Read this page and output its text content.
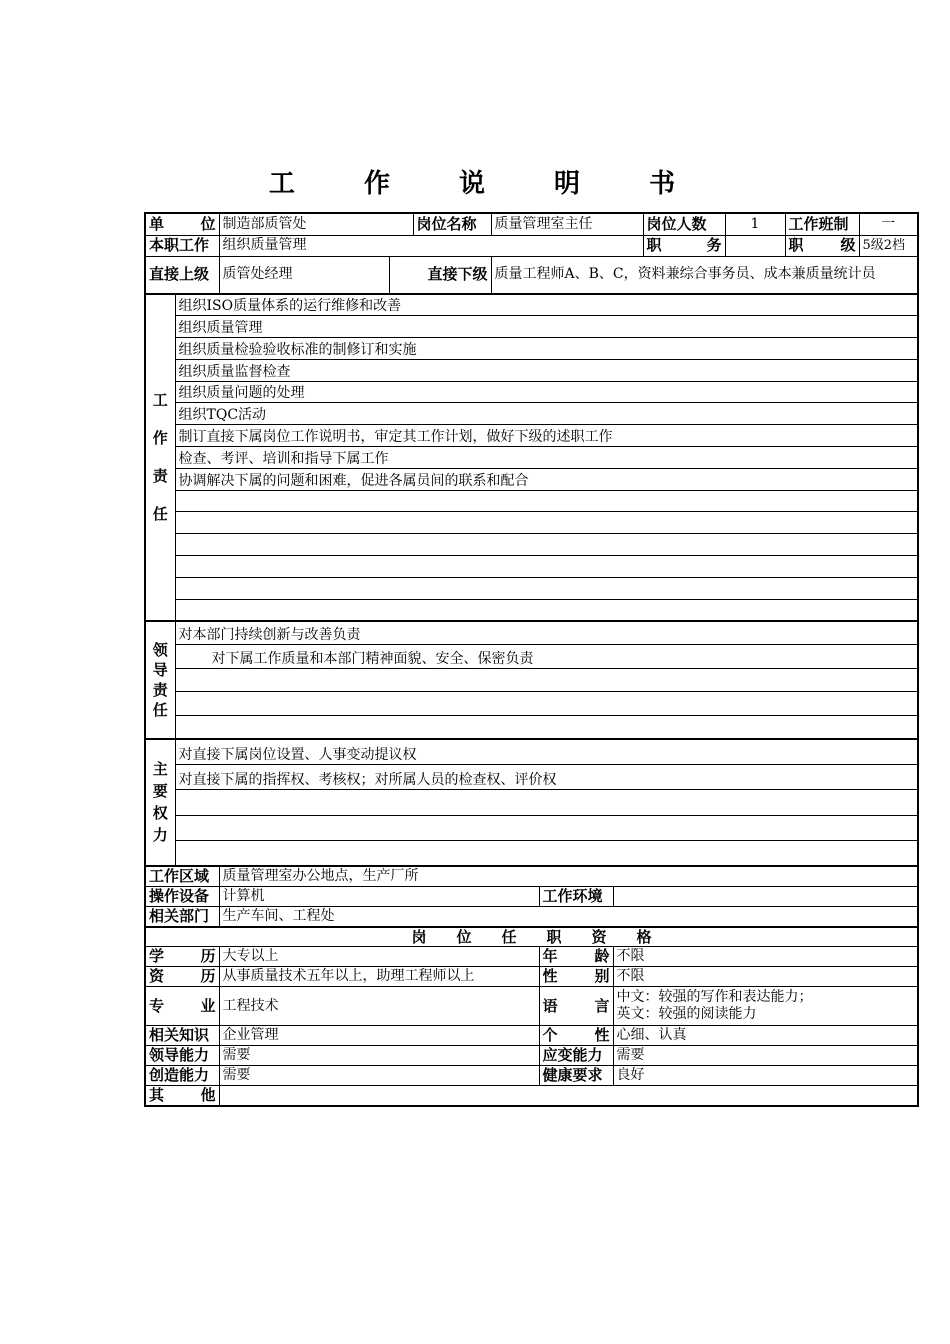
工 作 说 明 书
单　　位	制造部质管处		岗位名称	质量管理室主任	岗位人数	1	工作班制	一
本职工作	组织质量管理				职　　务		职　　级	5级2档
直接上级	质管处经理	直接下级		质量工程师A、B、C，资料兼综合事务员、成本兼质量统计员				
工作责任
	组织ISO质量体系的运行维修和改善
组织质量管理
组织质量检验验收标准的制修订和实施
组织质量监督检查
组织质量问题的处理
组织TQC活动
制订直接下属岗位工作说明书，审定其工作计划，做好下级的述职工作
检查、考评、培训和指导下属工作
协调解决下属的问题和困难，促进各属员间的联系和配合

领导责任
	对本部门持续创新与改善负责
对下属工作质量和本部门精神面貌、安全、保密负责

主要权力
	对直接下属岗位设置、人事变动提议权
对直接下属的指挥权、考核权；对所属人员的检查权、评价权

工作区域	质量管理室办公地点，生产厂所		
操作设备	计算机	工作环境	
相关部门	生产车间、工程处		
岗　　位　　任　　职　　资　　格			
学　　历	大专以上	年　　龄	不限
资　　历	从事质量技术五年以上，助理工程师以上	性　　别	不限
专　　业	工程技术	语　　言	中文：较强的写作和表达能力；
英文：较强的阅读能力

相关知识	企业管理	个　　性	心细、认真
领导能力	需要	应变能力	需要
创造能力	需要	健康要求	良好
其　　他			
